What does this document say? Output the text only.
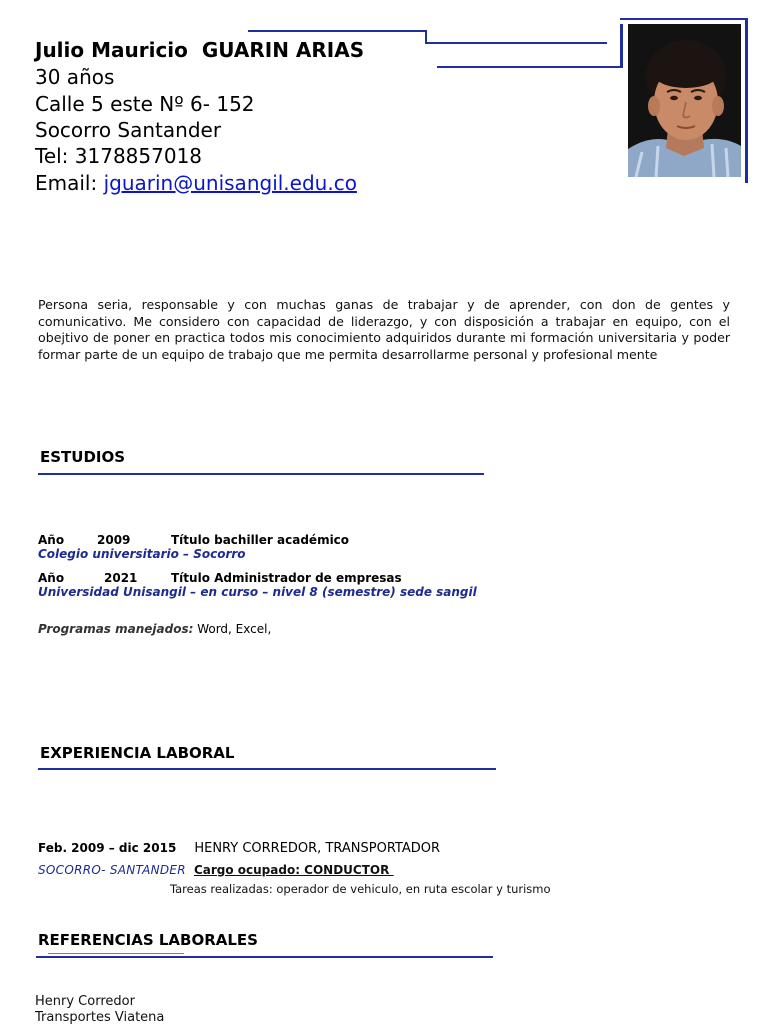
Julio Mauricio  GUARIN ARIAS
30 años
Calle 5 este Nº 6- 152
Socorro Santander
Tel: 3178857018
Email: jguarin@unisangil.edu.co
Persona seria, responsable y con muchas ganas de trabajar y de aprender, con don de gentes y comunicativo. Me considero con capacidad de liderazgo, y con disposición a trabajar en equipo, con el obejtivo de poner en practica todos mis conocimiento adquiridos durante mi formación universitaria y poder formar parte de un equipo de trabajo que me permita desarrollarme personal y profesional mente
ESTUDIOS
Año	2009	Título bachiller académico
Colegio universitario – Socorro
Año	2021	Título Administrador de empresas
Universidad Unisangil – en curso – nivel 8 (semestre) sede sangil
Programas manejados: Word, Excel,
EXPERIENCIA LABORAL
Feb. 2009 – dic 2015 HENRY CORREDOR, TRANSPORTADOR
SOCORRO- SANTANDER Cargo ocupado: CONDUCTOR
Tareas realizadas: operador de vehiculo, en ruta escolar y turismo
REFERENCIAS LABORALES
Henry Corredor
Transportes Viatena
